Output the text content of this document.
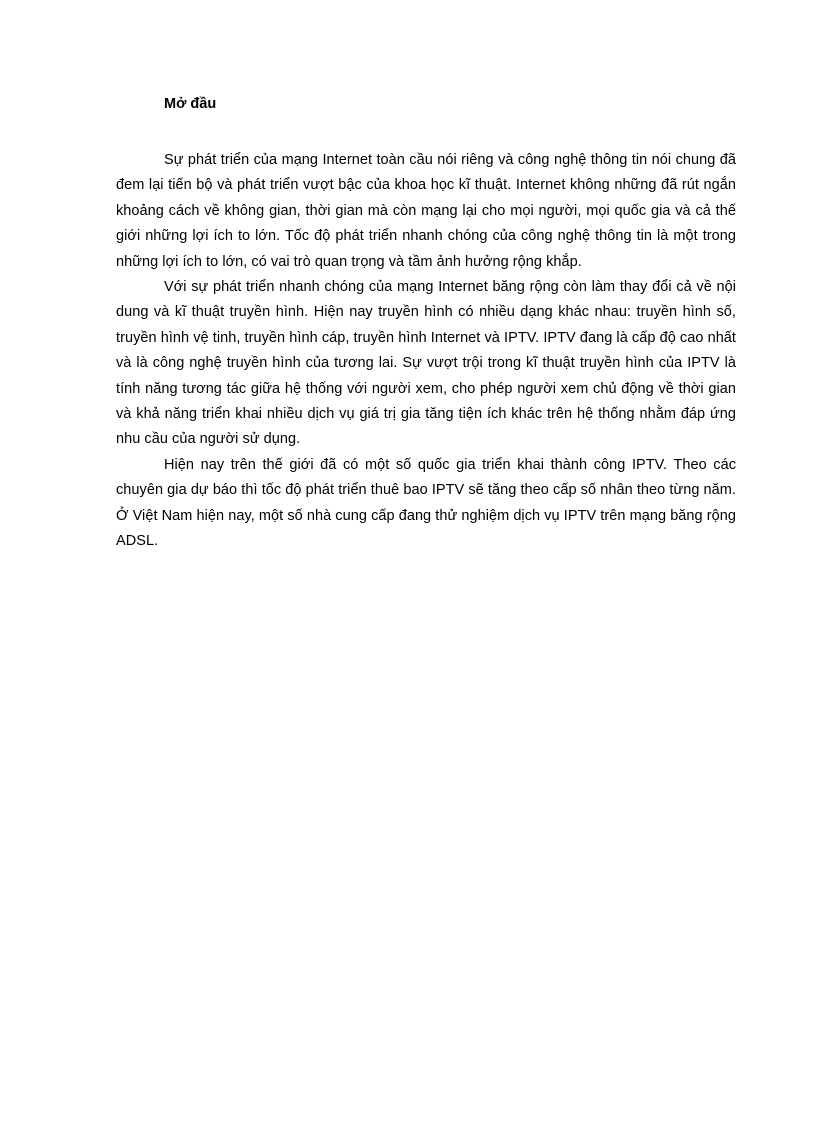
Mở đầu

Sự phát triển của mạng Internet toàn cầu nói riêng và công nghệ thông tin nói chung đã đem lại tiến bộ và phát triển vượt bậc của khoa học kĩ thuật. Internet không những đã rút ngắn khoảng cách về không gian, thời gian mà còn mạng lại cho mọi người, mọi quốc gia và cả thế giới những lợi ích to lớn. Tốc độ phát triển nhanh chóng của công nghệ thông tin là một trong những lợi ích to lớn, có vai trò quan trọng và tầm ảnh hưởng rộng khắp.

Với sự phát triển nhanh chóng của mạng Internet băng rộng còn làm thay đổi cả về nội dung và kĩ thuật truyền hình. Hiện nay truyền hình có nhiều dạng khác nhau: truyền hình số, truyền hình vệ tinh, truyền hình cáp, truyền hình Internet và IPTV. IPTV đang là cấp độ cao nhất và là công nghệ truyền hình của tương lai. Sự vượt trội trong kĩ thuật truyền hình của IPTV là tính năng tương tác giữa hệ thống với người xem, cho phép người xem chủ động về thời gian và khả năng triển khai nhiều dịch vụ giá trị gia tăng tiện ích khác trên hệ thống nhằm đáp ứng nhu cầu của người sử dụng.

Hiện nay trên thế giới đã có một số quốc gia triển khai thành công IPTV. Theo các chuyên gia dự báo thì tốc độ phát triển thuê bao IPTV sẽ tăng theo cấp số nhân theo từng năm. Ở Việt Nam hiện nay, một số nhà cung cấp đang thử nghiệm dịch vụ IPTV trên mạng băng rộng ADSL.
